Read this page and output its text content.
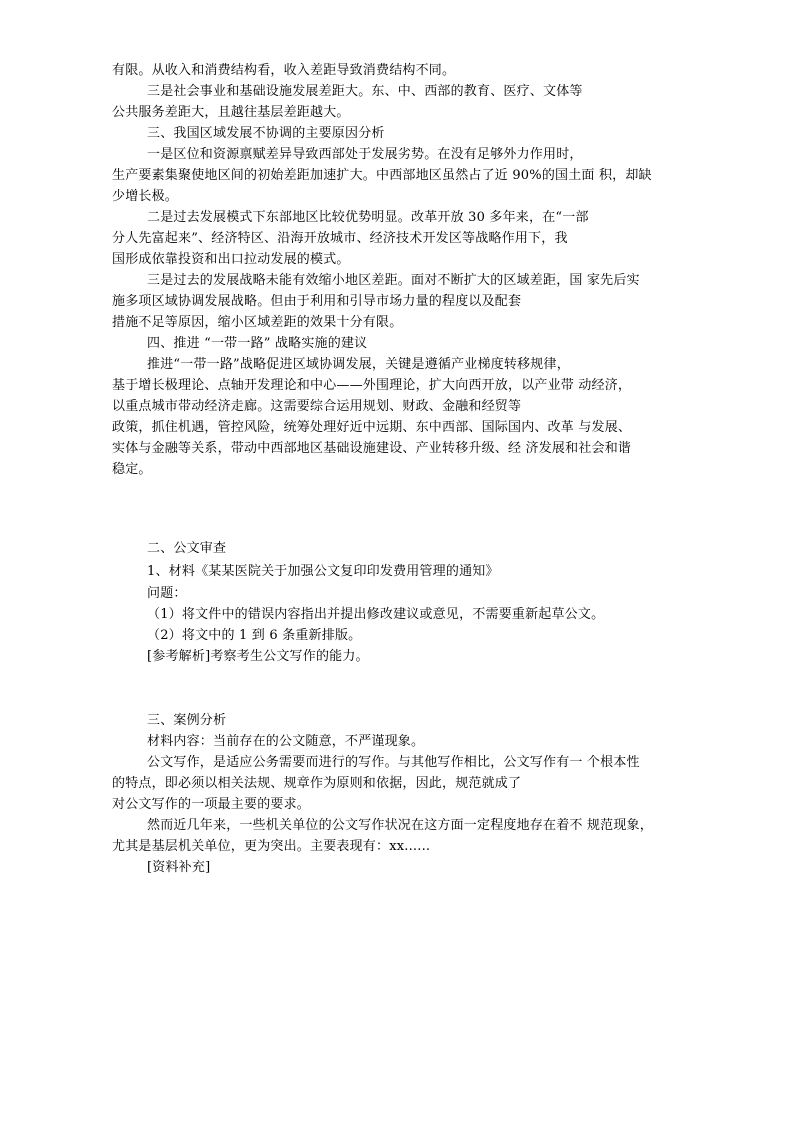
有限。从收入和消费结构看，收入差距导致消费结构不同。
三是社会事业和基础设施发展差距大。东、中、西部的教育、医疗、文体等
公共服务差距大，且越往基层差距越大。
三、我国区域发展不协调的主要原因分析
一是区位和资源禀赋差异导致西部处于发展劣势。在没有足够外力作用时，
生产要素集聚使地区间的初始差距加速扩大。中西部地区虽然占了近 90%的国土面 积，却缺
少增长极。
二是过去发展模式下东部地区比较优势明显。改革开放 30 多年来，在“一部
分人先富起来”、经济特区、沿海开放城市、经济技术开发区等战略作用下，我
国形成依靠投资和出口拉动发展的模式。
三是过去的发展战略未能有效缩小地区差距。面对不断扩大的区域差距，国 家先后实
施多项区域协调发展战略。但由于利用和引导市场力量的程度以及配套
措施不足等原因，缩小区域差距的效果十分有限。
四、推进 “一带一路” 战略实施的建议
推进“一带一路”战略促进区域协调发展，关键是遵循产业梯度转移规律，
基于增长极理论、点轴开发理论和中心——外围理论，扩大向西开放，以产业带 动经济，
以重点城市带动经济走廊。这需要综合运用规划、财政、金融和经贸等
政策，抓住机遇，管控风险，统筹处理好近中远期、东中西部、国际国内、改革 与发展、
实体与金融等关系，带动中西部地区基础设施建设、产业转移升级、经 济发展和社会和谐
稳定。
二、公文审查
1、材料《某某医院关于加强公文复印印发费用管理的通知》
问题：
（1）将文件中的错误内容指出并提出修改建议或意见，不需要重新起草公文。
（2）将文中的 1 到 6 条重新排版。
[参考解析]考察考生公文写作的能力。
三、案例分析
材料内容：当前存在的公文随意，不严谨现象。
公文写作，是适应公务需要而进行的写作。与其他写作相比，公文写作有一 个根本性
的特点，即必须以相关法规、规章作为原则和依据，因此，规范就成了
对公文写作的一项最主要的要求。
然而近几年来，一些机关单位的公文写作状况在这方面一定程度地存在着不 规范现象，
尤其是基层机关单位，更为突出。主要表现有：xx......
[资料补充]
